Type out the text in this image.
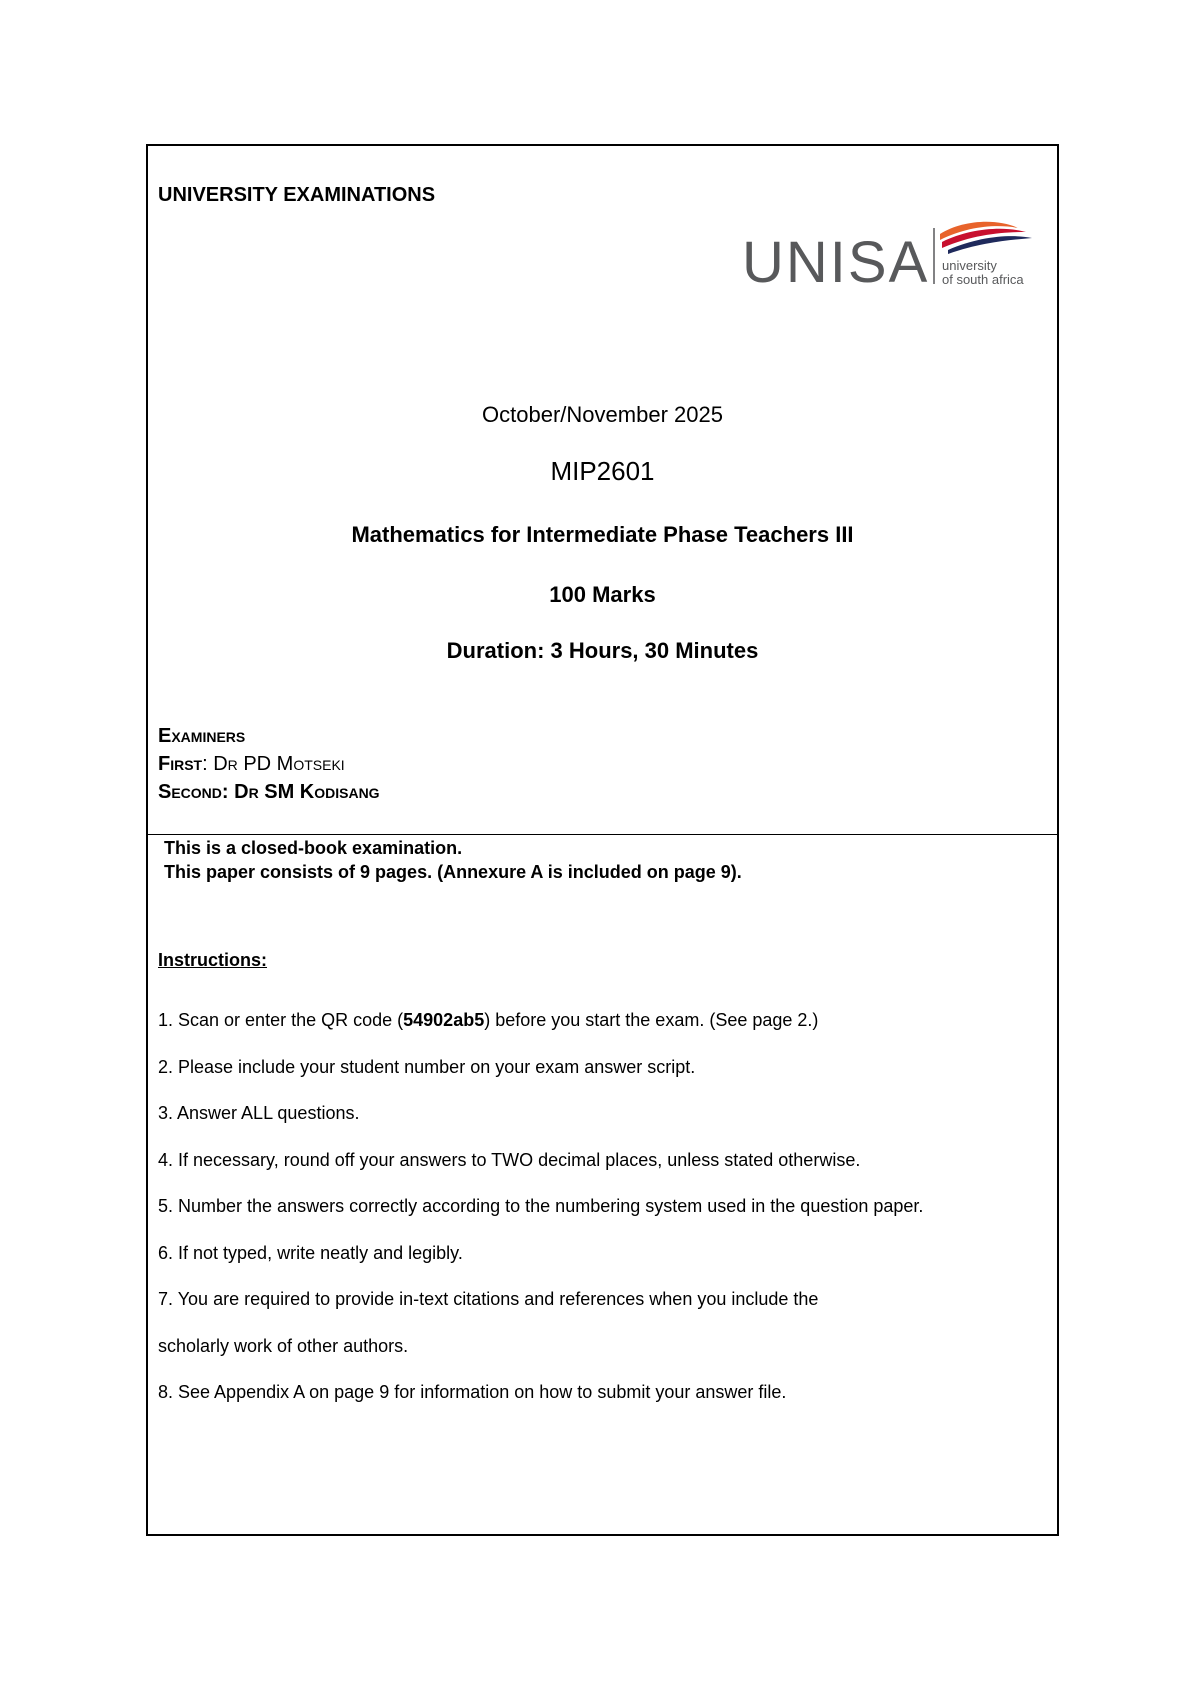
UNIVERSITY EXAMINATIONS
UNISA university
of south africa
October/November 2025
MIP2601
Mathematics for Intermediate Phase Teachers III
100 Marks
Duration: 3 Hours, 30 Minutes
Examiners
First: Dr PD Motseki
Second: Dr SM Kodisang
This is a closed-book examination.
This paper consists of 9 pages. (Annexure A is included on page 9).
Instructions:
1. Scan or enter the QR code (54902ab5) before you start the exam. (See page 2.)
2. Please include your student number on your exam answer script.
3. Answer ALL questions.
4. If necessary, round off your answers to TWO decimal places, unless stated otherwise.
5. Number the answers correctly according to the numbering system used in the question paper.
6. If not typed, write neatly and legibly.
7. You are required to provide in-text citations and references when you include the
scholarly work of other authors.
8. See Appendix A on page 9 for information on how to submit your answer file.
